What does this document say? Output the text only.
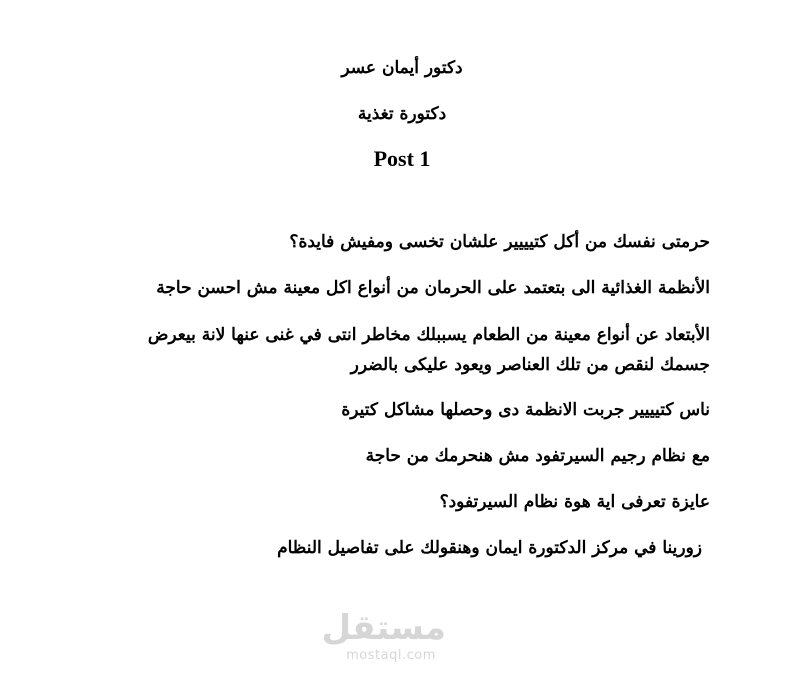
دكتور أيمان عسر
دكتورة تغذية
Post 1
حرمتى نفسك من أكل كتيييير علشان تخسى ومفيش فايدة؟
الأنظمة الغذائية الى بتعتمد على الحرمان من أنواع اكل معينة مش احسن حاجة
الأبتعاد عن أنواع معينة من الطعام يسببلك مخاطر انتى في غنى عنها لانة بيعرض
جسمك لنقص من تلك العناصر ويعود عليكى بالضرر
ناس كتيييير جربت الانظمة دى وحصلها مشاكل كتيرة
مع نظام رجيم السيرتفود مش هنحرمك من حاجة
عايزة تعرفى اية هوة نظام السيرتفود؟
زورينا في مركز الدكتورة ايمان وهنقولك على تفاصيل النظام
مستقل
mostaql.com
